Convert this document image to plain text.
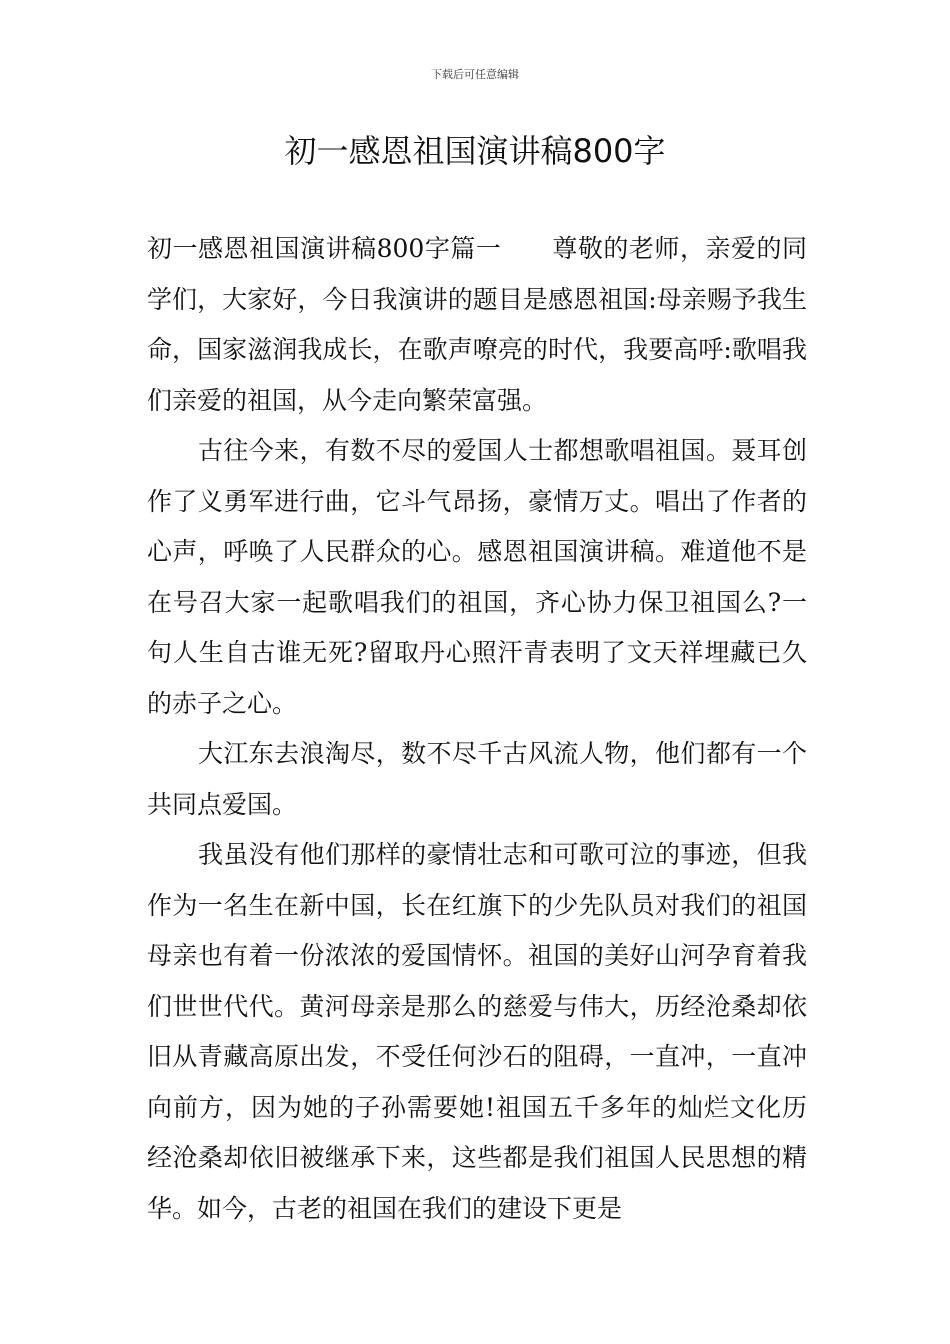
下载后可任意编辑
初一感恩祖国演讲稿800字

初一感恩祖国演讲稿800字篇一　　尊敬的老师，亲爱的同学们，大家好，今日我演讲的题目是感恩祖国:母亲赐予我生命，国家滋润我成长，在歌声嘹亮的时代，我要高呼:歌唱我们亲爱的祖国，从今走向繁荣富强。

古往今来，有数不尽的爱国人士都想歌唱祖国。聂耳创作了义勇军进行曲，它斗气昂扬，豪情万丈。唱出了作者的心声，呼唤了人民群众的心。感恩祖国演讲稿。难道他不是在号召大家一起歌唱我们的祖国，齐心协力保卫祖国么?一句人生自古谁无死?留取丹心照汗青表明了文天祥埋藏已久的赤子之心。

大江东去浪淘尽，数不尽千古风流人物，他们都有一个共同点爱国。

我虽没有他们那样的豪情壮志和可歌可泣的事迹，但我作为一名生在新中国，长在红旗下的少先队员对我们的祖国母亲也有着一份浓浓的爱国情怀。祖国的美好山河孕育着我们世世代代。黄河母亲是那么的慈爱与伟大，历经沧桑却依旧从青藏高原出发，不受任何沙石的阻碍，一直冲，一直冲向前方，因为她的子孙需要她!祖国五千多年的灿烂文化历经沧桑却依旧被继承下来，这些都是我们祖国人民思想的精华。如今，古老的祖国在我们的建设下更是
